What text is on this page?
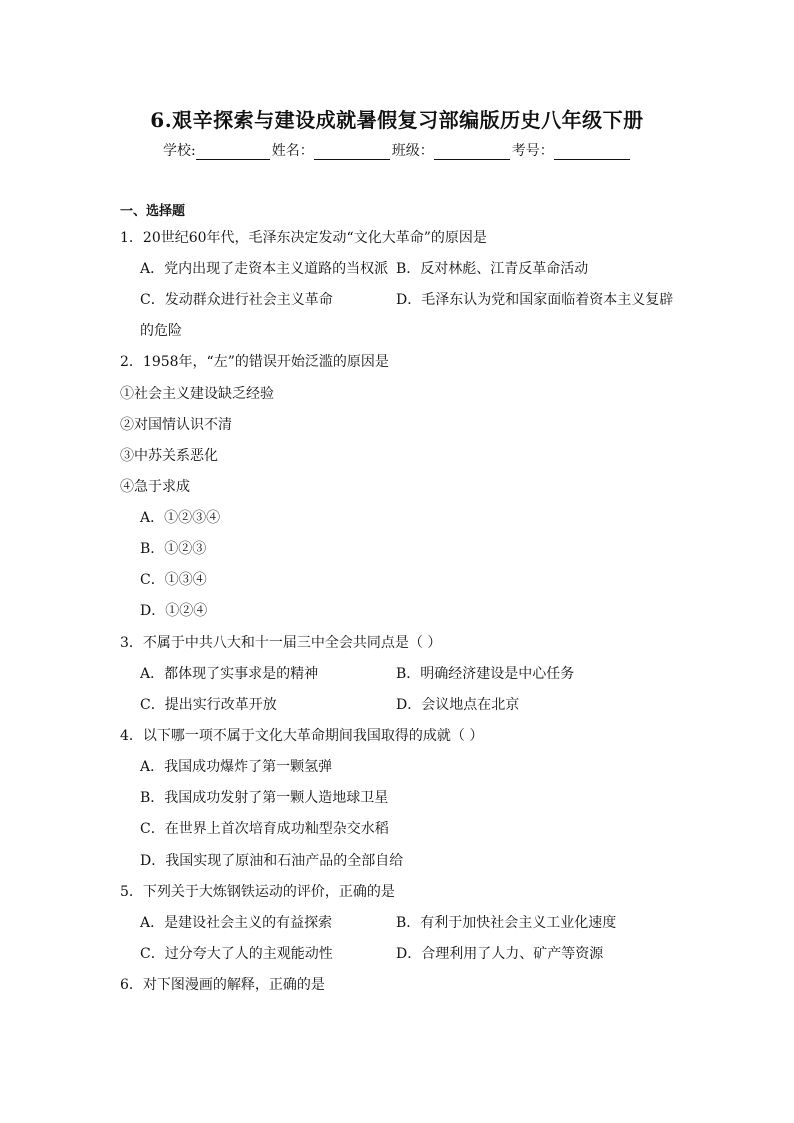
6.艰辛探索与建设成就暑假复习部编版历史八年级下册
学校:	姓名：	班级：	考号：
一、选择题
1．20世纪60年代，毛泽东决定发动“文化大革命”的原因是
A．党内出现了走资本主义道路的当权派 B．反对林彪、江青反革命活动
C．发动群众进行社会主义革命	D．毛泽东认为党和国家面临着资本主义复辟
的危险
2．1958年，“左”的错误开始泛滥的原因是
①社会主义建设缺乏经验
②对国情认识不清
③中苏关系恶化
④急于求成
A．①②③④
B．①②③
C．①③④
D．①②④
3．不属于中共八大和十一届三中全会共同点是（ ）
A．都体现了实事求是的精神	B．明确经济建设是中心任务
C．提出实行改革开放	D．会议地点在北京
4．以下哪一项不属于文化大革命期间我国取得的成就（ ）
A．我国成功爆炸了第一颗氢弹
B．我国成功发射了第一颗人造地球卫星
C．在世界上首次培育成功籼型杂交水稻
D．我国实现了原油和石油产品的全部自给
5．下列关于大炼钢铁运动的评价，正确的是
A．是建设社会主义的有益探索	B．有利于加快社会主义工业化速度
C．过分夸大了人的主观能动性	D．合理利用了人力、矿产等资源
6．对下图漫画的解释，正确的是
